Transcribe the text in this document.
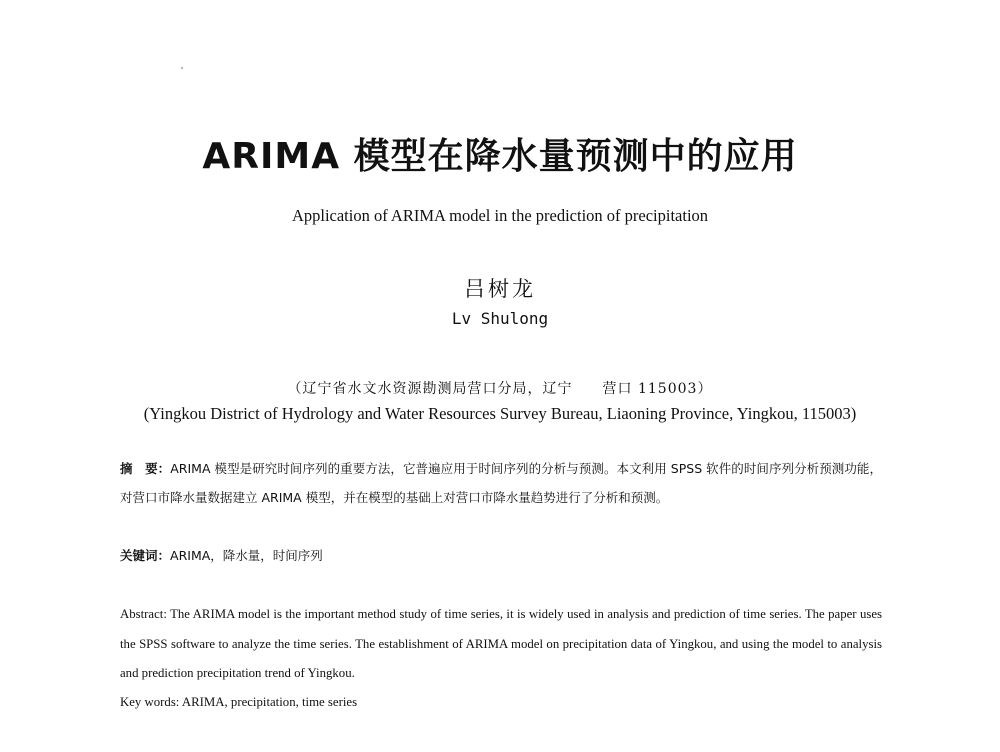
ARIMA 模型在降水量预测中的应用
Application of ARIMA model in the prediction of precipitation
吕树龙
Lv Shulong
（辽宁省水文水资源勘测局营口分局，辽宁　　营口 115003）
(Yingkou District of Hydrology and Water Resources Survey Bureau, Liaoning Province, Yingkou, 115003)

摘　要：ARIMA 模型是研究时间序列的重要方法，它普遍应用于时间序列的分析与预测。本文利用 SPSS 软件的时间序列分析预测功能，对营口市降水量数据建立 ARIMA 模型，并在模型的基础上对营口市降水量趋势进行了分析和预测。

关键词：ARIMA，降水量，时间序列

Abstract: The ARIMA model is the important method study of time series, it is widely used in analysis and prediction of time series. The paper uses the SPSS software to analyze the time series. The establishment of ARIMA model on precipitation data of Yingkou, and using the model to analysis and prediction precipitation trend of Yingkou.

Key words: ARIMA, precipitation, time series
